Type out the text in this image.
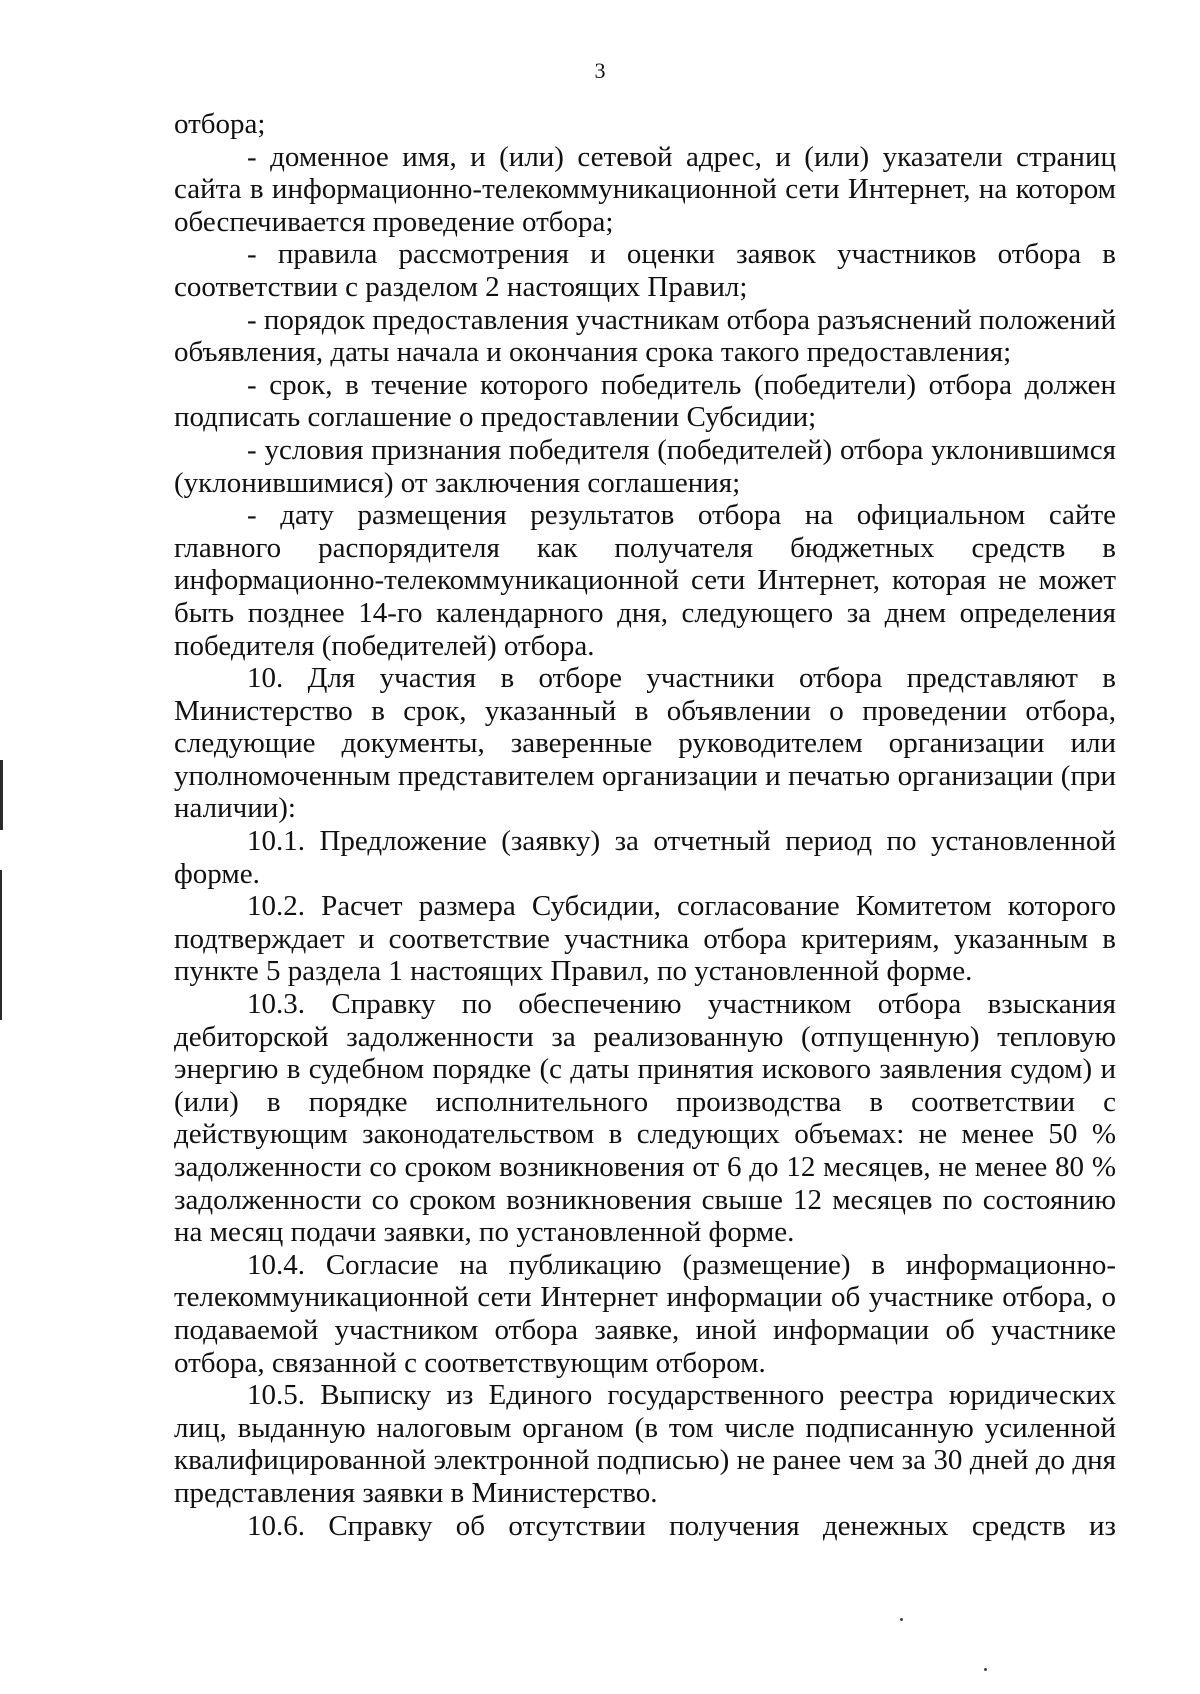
3

отбора;

- доменное имя, и (или) сетевой адрес, и (или) указатели страниц сайта в информационно-телекоммуникационной сети Интернет, на котором обеспечивается проведение отбора;

- правила рассмотрения и оценки заявок участников отбора в соответствии с разделом 2 настоящих Правил;

- порядок предоставления участникам отбора разъяснений положений объявления, даты начала и окончания срока такого предоставления;

- срок, в течение которого победитель (победители) отбора должен подписать соглашение о предоставлении Субсидии;

- условия признания победителя (победителей) отбора уклонившимся (уклонившимися) от заключения соглашения;

- дату размещения результатов отбора на официальном сайте главного распорядителя как получателя бюджетных средств в информационно-телекоммуникационной сети Интернет, которая не может быть позднее 14-го календарного дня, следующего за днем определения победителя (победителей) отбора.

10. Для участия в отборе участники отбора представляют в Министерство в срок, указанный в объявлении о проведении отбора, следующие документы, заверенные руководителем организации или уполномоченным представителем организации и печатью организации (при наличии):

10.1. Предложение (заявку) за отчетный период по установленной форме.

10.2. Расчет размера Субсидии, согласование Комитетом которого подтверждает и соответствие участника отбора критериям, указанным в пункте 5 раздела 1 настоящих Правил, по установленной форме.

10.3. Справку по обеспечению участником отбора взыскания дебиторской задолженности за реализованную (отпущенную) тепловую энергию в судебном порядке (с даты принятия искового заявления судом) и (или) в порядке исполнительного производства в соответствии с действующим законодательством в следующих объемах: не менее 50 % задолженности со сроком возникновения от 6 до 12 месяцев, не менее 80 % задолженности со сроком возникновения свыше 12 месяцев по состоянию на месяц подачи заявки, по установленной форме.

10.4. Согласие на публикацию (размещение) в информационно-телекоммуникационной сети Интернет информации об участнике отбора, о подаваемой участником отбора заявке, иной информации об участнике отбора, связанной с соответствующим отбором.

10.5. Выписку из Единого государственного реестра юридических лиц, выданную налоговым органом (в том числе подписанную усиленной квалифицированной электронной подписью) не ранее чем за 30 дней до дня представления заявки в Министерство.

10.6. Справку об отсутствии получения денежных средств из
